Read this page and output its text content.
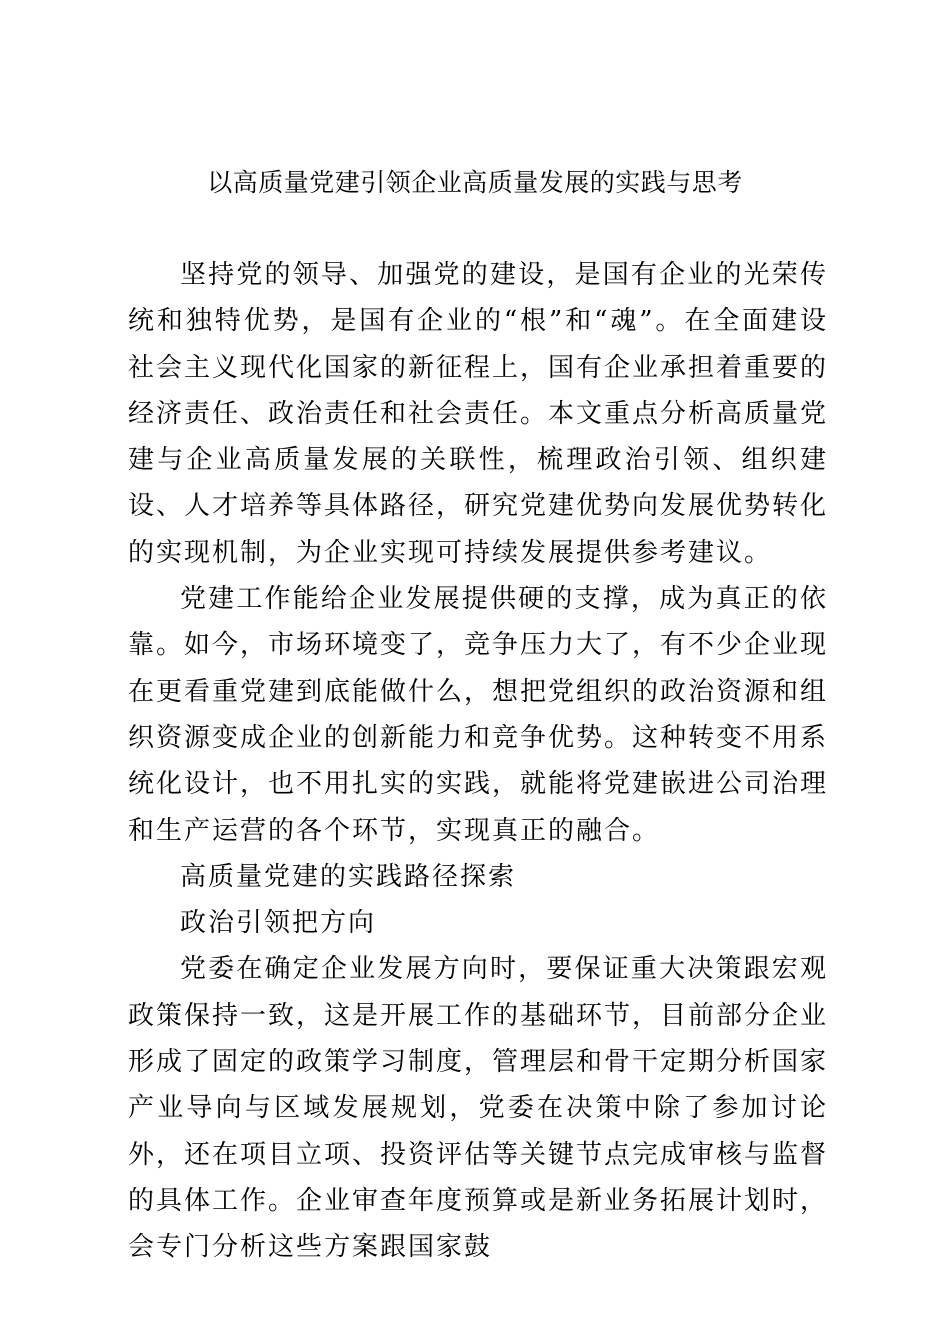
以高质量党建引领企业高质量发展的实践与思考

坚持党的领导、加强党的建设，是国有企业的光荣传统和独特优势，是国有企业的“根”和“魂”。在全面建设社会主义现代化国家的新征程上，国有企业承担着重要的经济责任、政治责任和社会责任。本文重点分析高质量党建与企业高质量发展的关联性，梳理政治引领、组织建设、人才培养等具体路径，研究党建优势向发展优势转化的实现机制，为企业实现可持续发展提供参考建议。

党建工作能给企业发展提供硬的支撑，成为真正的依靠。如今，市场环境变了，竞争压力大了，有不少企业现在更看重党建到底能做什么，想把党组织的政治资源和组织资源变成企业的创新能力和竞争优势。这种转变不用系统化设计，也不用扎实的实践，就能将党建嵌进公司治理和生产运营的各个环节，实现真正的融合。

高质量党建的实践路径探索

政治引领把方向

党委在确定企业发展方向时，要保证重大决策跟宏观政策保持一致，这是开展工作的基础环节，目前部分企业形成了固定的政策学习制度，管理层和骨干定期分析国家产业导向与区域发展规划，党委在决策中除了参加讨论外，还在项目立项、投资评估等关键节点完成审核与监督的具体工作。企业审查年度预算或是新业务拓展计划时，会专门分析这些方案跟国家鼓
